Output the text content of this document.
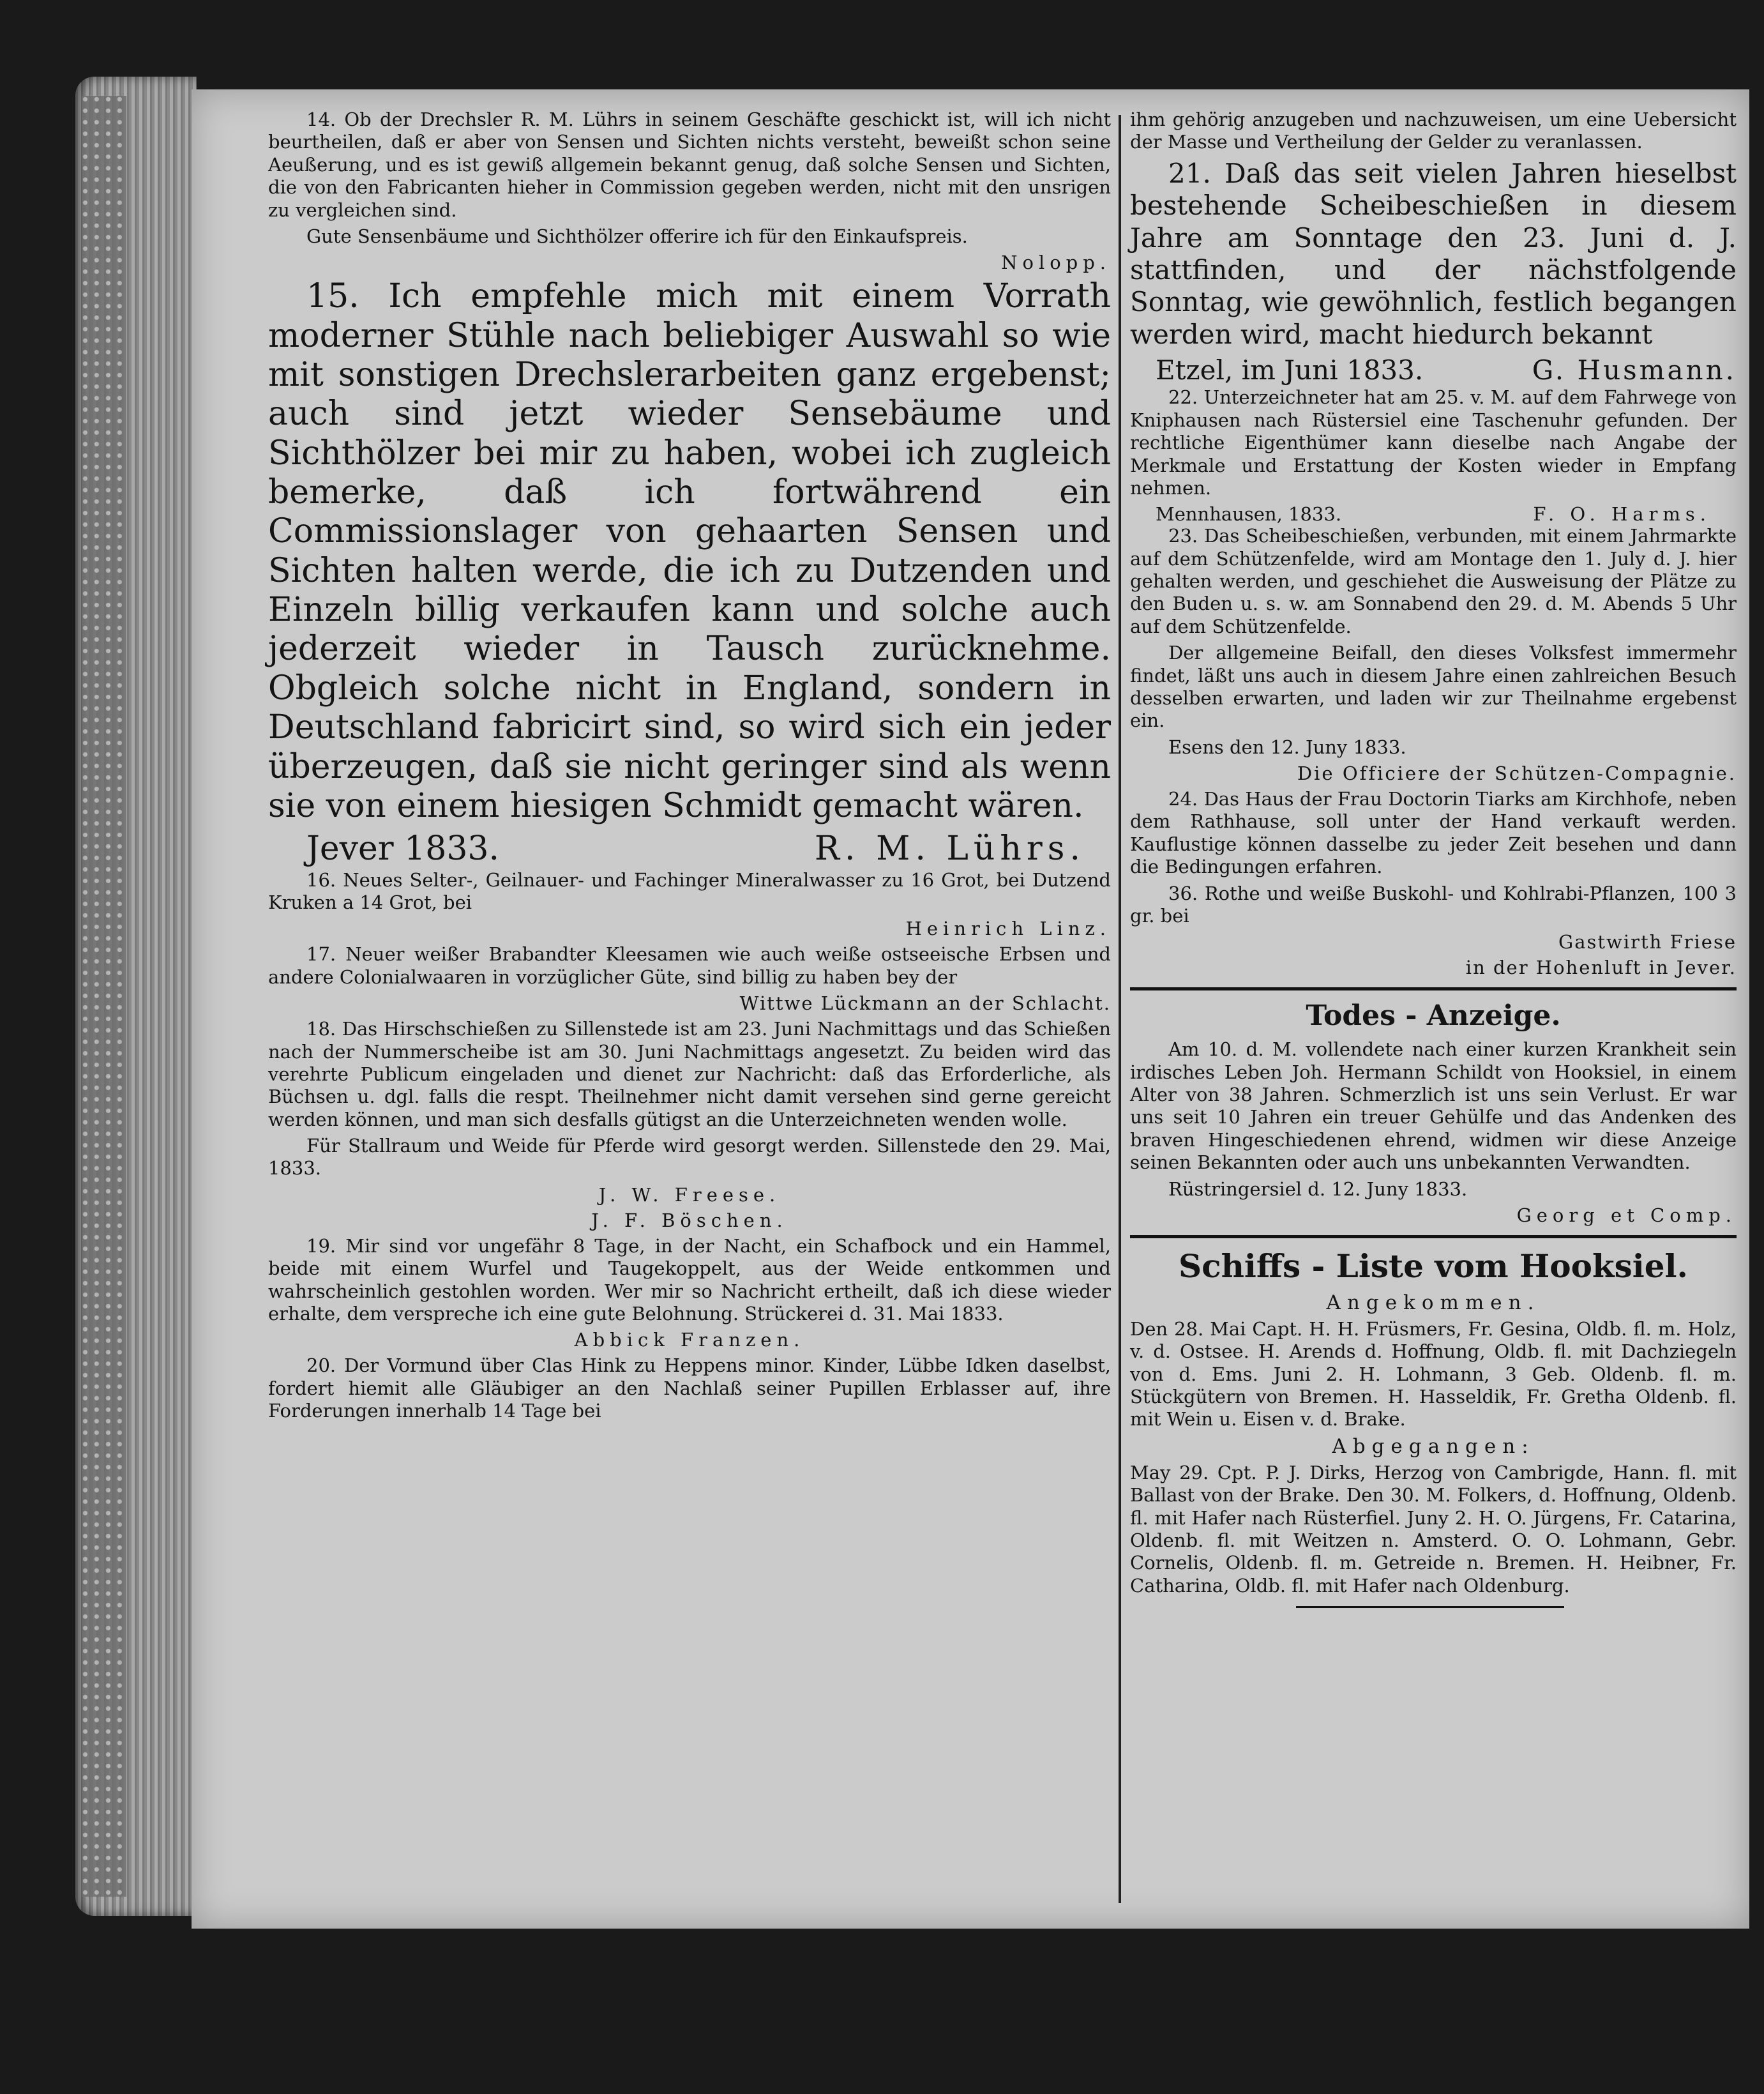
14. Ob der Drechsler R. M. Lührs in seinem Geschäfte geschickt ist, will ich nicht beurtheilen, daß er aber von Sensen und Sichten nichts versteht, beweißt schon seine Aeußerung, und es ist gewiß allgemein bekannt genug, daß solche Sensen und Sichten, die von den Fabricanten hieher in Commission gegeben werden, nicht mit den unsrigen zu vergleichen sind.

Gute Sensenbäume und Sichthölzer offerire ich für den Einkaufspreis.

Nolopp.

15. Ich empfehle mich mit einem Vorrath moderner Stühle nach beliebiger Auswahl so wie mit sonstigen Drechslerarbeiten ganz ergebenst; auch sind jetzt wieder Sensebäume und Sichthölzer bei mir zu haben, wobei ich zugleich bemerke, daß ich fortwährend ein Commissionslager von gehaarten Sensen und Sichten halten werde, die ich zu Dutzenden und Einzeln billig verkaufen kann und solche auch jederzeit wieder in Tausch zurücknehme. Obgleich solche nicht in England, sondern in Deutschland fabricirt sind, so wird sich ein jeder überzeugen, daß sie nicht geringer sind als wenn sie von einem hiesigen Schmidt gemacht wären.

Jever 1833.	R. M. Lührs.

16. Neues Selter-, Geilnauer- und Fachinger Mineralwasser zu 16 Grot, bei Dutzend Kruken a 14 Grot, bei

Heinrich Linz.

17. Neuer weißer Brabandter Kleesamen wie auch weiße ostseeische Erbsen und andere Colonialwaaren in vorzüglicher Güte, sind billig zu haben bey der

Wittwe Lückmann an der Schlacht.

18. Das Hirschschießen zu Sillenstede ist am 23. Juni Nachmittags und das Schießen nach der Nummerscheibe ist am 30. Juni Nachmittags angesetzt. Zu beiden wird das verehrte Publicum eingeladen und dienet zur Nachricht: daß das Erforderliche, als Büchsen u. dgl. falls die respt. Theilnehmer nicht damit versehen sind gerne gereicht werden können, und man sich desfalls gütigst an die Unterzeichneten wenden wolle.

Für Stallraum und Weide für Pferde wird gesorgt werden. Sillenstede den 29. Mai, 1833.

J. W. Freese.

J. F. Böschen.

19. Mir sind vor ungefähr 8 Tage, in der Nacht, ein Schafbock und ein Hammel, beide mit einem Wurfel und Taugekoppelt, aus der Weide entkommen und wahrscheinlich gestohlen worden. Wer mir so Nachricht ertheilt, daß ich diese wieder erhalte, dem verspreche ich eine gute Belohnung. Strückerei d. 31. Mai 1833.

Abbick Franzen.

20. Der Vormund über Clas Hink zu Heppens minor. Kinder, Lübbe Idken daselbst, fordert hiemit alle Gläubiger an den Nachlaß seiner Pupillen Erblasser auf, ihre Forderungen innerhalb 14 Tage bei

ihm gehörig anzugeben und nachzuweisen, um eine Uebersicht der Masse und Vertheilung der Gelder zu veranlassen.

21. Daß das seit vielen Jahren hieselbst bestehende Scheibeschießen in diesem Jahre am Sonntage den 23. Juni d. J. stattfinden, und der nächstfolgende Sonntag, wie gewöhnlich, festlich begangen werden wird, macht hiedurch bekannt

Etzel, im Juni 1833.	G. Husmann.

22. Unterzeichneter hat am 25. v. M. auf dem Fahrwege von Kniphausen nach Rüstersiel eine Taschenuhr gefunden. Der rechtliche Eigenthümer kann dieselbe nach Angabe der Merkmale und Erstattung der Kosten wieder in Empfang nehmen.

Mennhausen, 1833.	F. O. Harms.

23. Das Scheibeschießen, verbunden, mit einem Jahrmarkte auf dem Schützenfelde, wird am Montage den 1. July d. J. hier gehalten werden, und geschiehet die Ausweisung der Plätze zu den Buden u. s. w. am Sonnabend den 29. d. M. Abends 5 Uhr auf dem Schützenfelde.

Der allgemeine Beifall, den dieses Volksfest immermehr findet, läßt uns auch in diesem Jahre einen zahlreichen Besuch desselben erwarten, und laden wir zur Theilnahme ergebenst ein.

Esens den 12. Juny 1833.

Die Officiere der Schützen-Compagnie.

24. Das Haus der Frau Doctorin Tiarks am Kirchhofe, neben dem Rathhause, soll unter der Hand verkauft werden. Kauflustige können dasselbe zu jeder Zeit besehen und dann die Bedingungen erfahren.

36. Rothe und weiße Buskohl- und Kohlrabi-Pflanzen, 100 3 gr. bei

Gastwirth Friese

in der Hohenluft in Jever.

Todes - Anzeige.

Am 10. d. M. vollendete nach einer kurzen Krankheit sein irdisches Leben Joh. Hermann Schildt von Hooksiel, in einem Alter von 38 Jahren. Schmerzlich ist uns sein Verlust. Er war uns seit 10 Jahren ein treuer Gehülfe und das Andenken des braven Hingeschiedenen ehrend, widmen wir diese Anzeige seinen Bekannten oder auch uns unbekannten Verwandten.

Rüstringersiel d. 12. Juny 1833.

Georg et Comp.

Schiffs - Liste vom Hooksiel.
Angekommen.

Den 28. Mai Capt. H. H. Früsmers, Fr. Gesina, Oldb. fl. m. Holz, v. d. Ostsee. H. Arends d. Hoffnung, Oldb. fl. mit Dachziegeln von d. Ems. Juni 2. H. Lohmann, 3 Geb. Oldenb. fl. m. Stückgütern von Bremen. H. Hasseldik, Fr. Gretha Oldenb. fl. mit Wein u. Eisen v. d. Brake.

Abgegangen:

May 29. Cpt. P. J. Dirks, Herzog von Cambrigde, Hann. fl. mit Ballast von der Brake. Den 30. M. Folkers, d. Hoffnung, Oldenb. fl. mit Hafer nach Rüsterfiel. Juny 2. H. O. Jürgens, Fr. Catarina, Oldenb. fl. mit Weitzen n. Amsterd. O. O. Lohmann, Gebr. Cornelis, Oldenb. fl. m. Getreide n. Bremen. H. Heibner, Fr. Catharina, Oldb. fl. mit Hafer nach Oldenburg.
